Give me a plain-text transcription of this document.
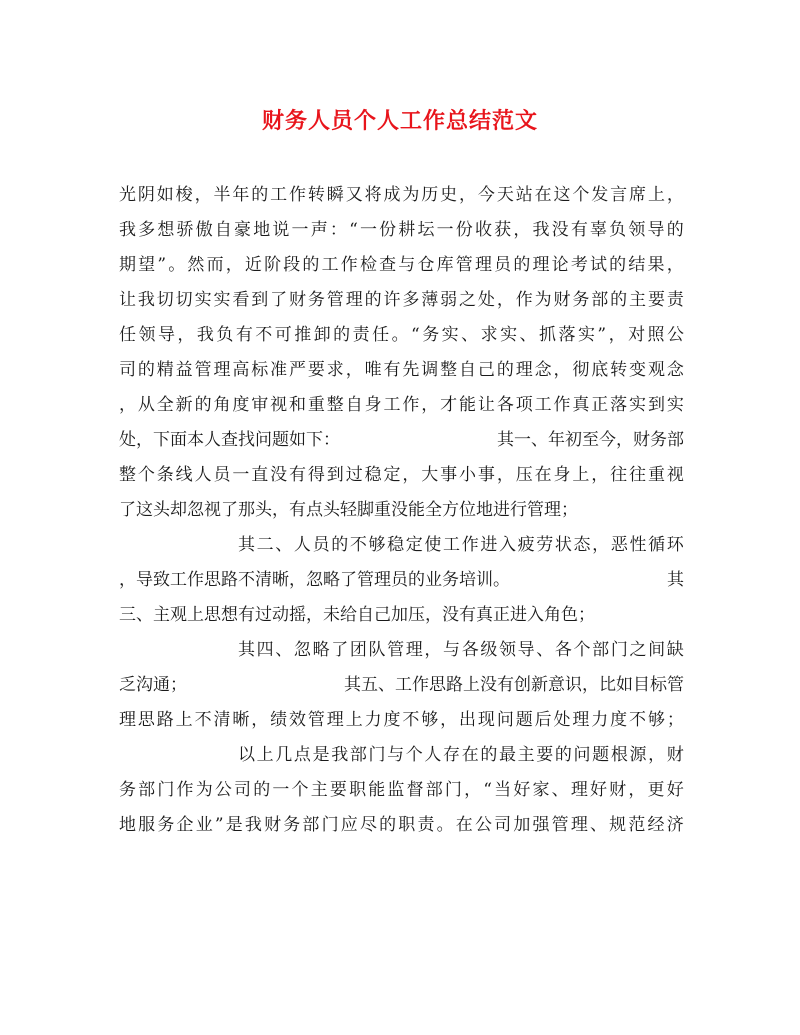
财务人员个人工作总结范文
光 阴 如 梭 ， 半 年 的 工 作 转 瞬 又 将 成 为 历 史 ， 今 天 站 在 这 个 发 言 席 上 ，
我 多 想 骄 傲 自 豪 地 说 一 声 ： “ 一 份 耕 坛 一 份 收 获 ， 我 没 有 辜 负 领 导 的
期 望 ” 。 然 而 ， 近 阶 段 的 工 作 检 查 与 仓 库 管 理 员 的 理 论 考 试 的 结 果 ，
让 我 切 切 实 实 看 到 了 财 务 管 理 的 许 多 薄 弱 之 处 ， 作 为 财 务 部 的 主 要 责
任 领 导 ， 我 负 有 不 可 推 卸 的 责 任 。 “ 务 实 、 求 实 、 抓 落 实 ” ， 对 照 公
司 的 精 益 管 理 高 标 准 严 要 求 ， 唯 有 先 调 整 自 己 的 理 念 ， 彻 底 转 变 观 念
， 从 全 新 的 角 度 审 视 和 重 整 自 身 工 作 ， 才 能 让 各 项 工 作 真 正 落 实 到 实
处，下面本人查找问题如下：	其一、年初至今，财务部
整 个 条 线 人 员 一 直 没 有 得 到 过 稳 定 ， 大 事 小 事 ， 压 在 身 上 ， 往 往 重 视
了这头却忽视了那头，有点头轻脚重没能全方位地进行管理；
其 二 、 人 员 的 不 够 稳 定 使 工 作 进 入 疲 劳 状 态 ， 恶 性 循 环
，导致工作思路不清晰，忽略了管理员的业务培训。	其
三、主观上思想有过动摇，未给自己加压，没有真正进入角色；
其 四 、 忽 略 了 团 队 管 理 ， 与 各 级 领 导 、 各 个 部 门 之 间 缺
乏沟通；	其五、工作思路上没有创新意识，比如目标管
理 思 路 上 不 清 晰 ， 绩 效 管 理 上 力 度 不 够 ， 出 现 问 题 后 处 理 力 度 不 够 ；
以 上 几 点 是 我 部 门 与 个 人 存 在 的 最 主 要 的 问 题 根 源 ， 财
务 部 门 作 为 公 司 的 一 个 主 要 职 能 监 督 部 门 ， “ 当 好 家 、 理 好 财 ， 更 好
地 服 务 企 业 ” 是 我 财 务 部 门 应 尽 的 职 责 。 在 公 司 加 强 管 理 、 规 范 经 济
